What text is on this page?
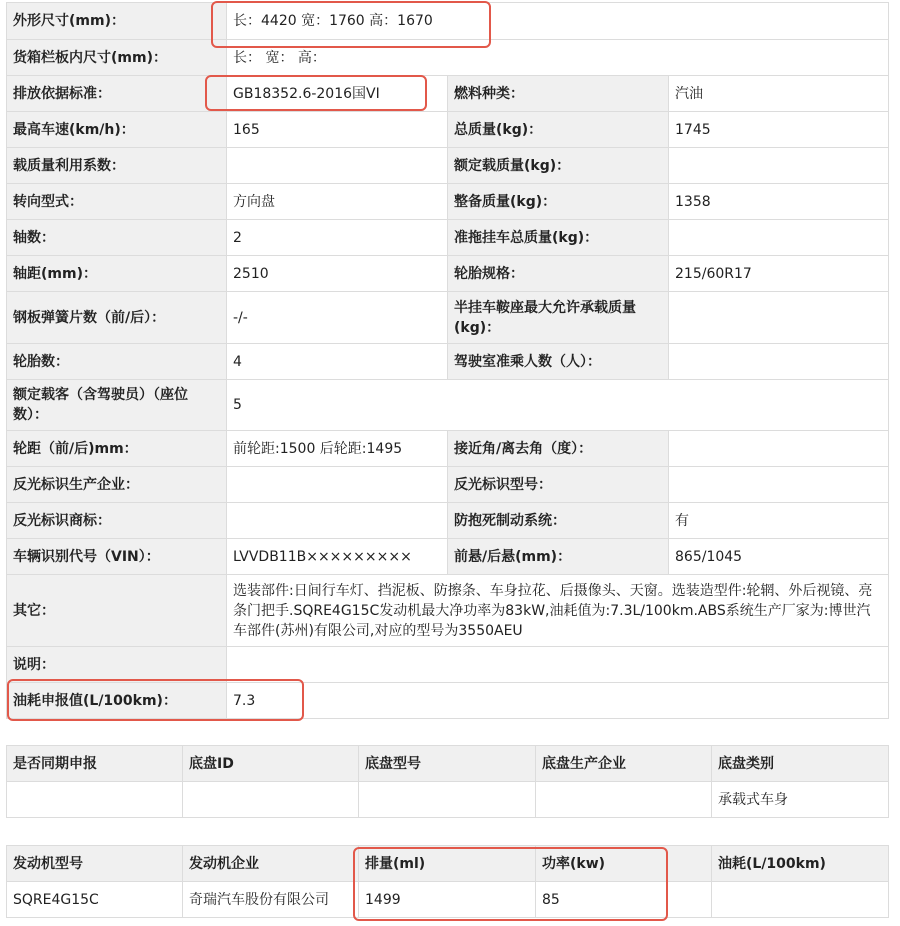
外形尺寸(mm)：	长：4420 宽：1760 高：1670		
货箱栏板内尺寸(mm)：	长： 宽： 高：		
排放依据标准：	GB18352.6-2016国VI	燃料种类：	汽油
最高车速(km/h)：	165	总质量(kg)：	1745
载质量利用系数：		额定载质量(kg)：	
转向型式：	方向盘	整备质量(kg)：	1358
轴数：	2	准拖挂车总质量(kg)：	
轴距(mm)：	2510	轮胎规格：	215/60R17
钢板弹簧片数（前/后）：	-/-	半挂车鞍座最大允许承载质量(kg)：	
轮胎数：	4	驾驶室准乘人数（人）：	
额定载客（含驾驶员）（座位数）：	5		
轮距（前/后)mm：	前轮距:1500 后轮距:1495	接近角/离去角（度）：	
反光标识生产企业：		反光标识型号：	
反光标识商标：		防抱死制动系统：	有
车辆识别代号（VIN）：	LVVDB11B×××××××××	前悬/后悬(mm)：	865/1045
其它：	选装部件:日间行车灯、挡泥板、防擦条、车身拉花、后摄像头、天窗。选装造型件:轮辋、外后视镜、亮条门把手.SQRE4G15C发动机最大净功率为83kW,油耗值为:7.3L/100km.ABS系统生产厂家为:博世汽车部件(苏州)有限公司,对应的型号为3550AEU		
说明：			
油耗申报值(L/100km)：	7.3		
是否同期申报	底盘ID	底盘型号	底盘生产企业	底盘类别
				承载式车身
发动机型号	发动机企业	排量(ml)	功率(kw)	油耗(L/100km)
SQRE4G15C	奇瑞汽车股份有限公司	1499	85	
